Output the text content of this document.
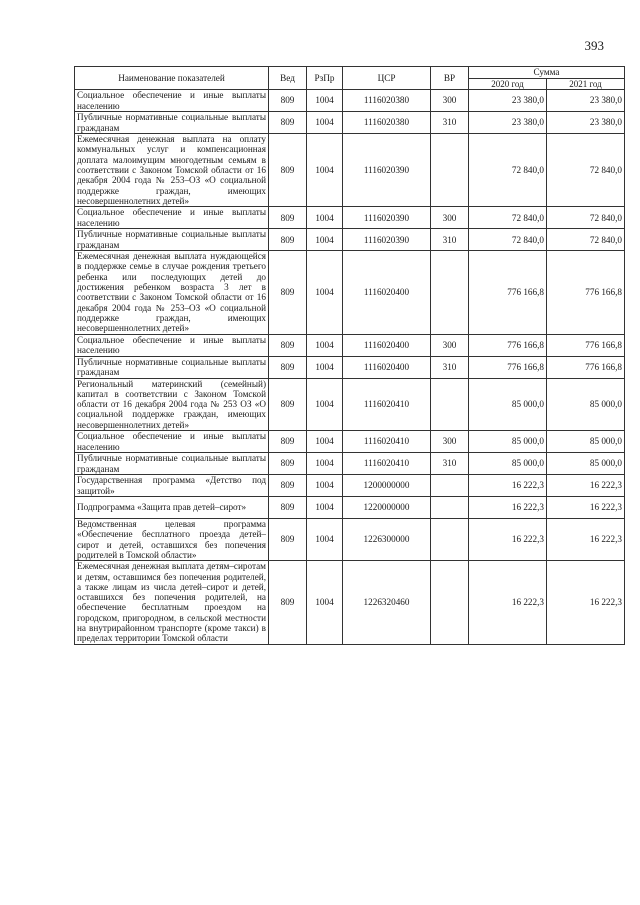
393
Наименование показателей	Вед	РзПр	ЦСР	ВР	Сумма	
					2020 год	2021 год
Социальное обеспечение и иные выплаты населению	809	1004	1116020380	300	23 380,0	23 380,0
Публичные нормативные социальные выплаты гражданам	809	1004	1116020380	310	23 380,0	23 380,0
Ежемесячная денежная выплата на оплату коммунальных услуг и компенсационная доплата малоимущим многодетным семьям в соответствии с Законом Томской области от 16 декабря 2004 года № 253–ОЗ «О социальной поддержке граждан, имеющих несовершеннолетних детей»	809	1004	1116020390		72 840,0	72 840,0
Социальное обеспечение и иные выплаты населению	809	1004	1116020390	300	72 840,0	72 840,0
Публичные нормативные социальные выплаты гражданам	809	1004	1116020390	310	72 840,0	72 840,0
Ежемесячная денежная выплата нуждающейся в поддержке семье в случае рождения третьего ребенка или последующих детей до достижения ребенком возраста 3 лет в соответствии с Законом Томской области от 16 декабря 2004 года № 253–ОЗ «О социальной поддержке граждан, имеющих несовершеннолетних детей»	809	1004	1116020400		776 166,8	776 166,8
Социальное обеспечение и иные выплаты населению	809	1004	1116020400	300	776 166,8	776 166,8
Публичные нормативные социальные выплаты гражданам	809	1004	1116020400	310	776 166,8	776 166,8
Региональный материнский (семейный) капитал в соответствии с Законом Томской области от 16 декабря 2004 года № 253 ОЗ «О социальной поддержке граждан, имеющих несовершеннолетних детей»	809	1004	1116020410		85 000,0	85 000,0
Социальное обеспечение и иные выплаты населению	809	1004	1116020410	300	85 000,0	85 000,0
Публичные нормативные социальные выплаты гражданам	809	1004	1116020410	310	85 000,0	85 000,0
Государственная программа «Детство под защитой»	809	1004	1200000000		16 222,3	16 222,3
Подпрограмма «Защита прав детей–сирот»	809	1004	1220000000		16 222,3	16 222,3
Ведомственная целевая программа «Обеспечение бесплатного проезда детей–сирот и детей, оставшихся без попечения родителей в Томской области»	809	1004	1226300000		16 222,3	16 222,3
Ежемесячная денежная выплата детям–сиротам и детям, оставшимся без попечения родителей, а также лицам из числа детей–сирот и детей, оставшихся без попечения родителей, на обеспечение бесплатным проездом на городском, пригородном, в сельской местности на внутрирайонном транспорте (кроме такси) в пределах территории Томской области	809	1004	1226320460		16 222,3	16 222,3
